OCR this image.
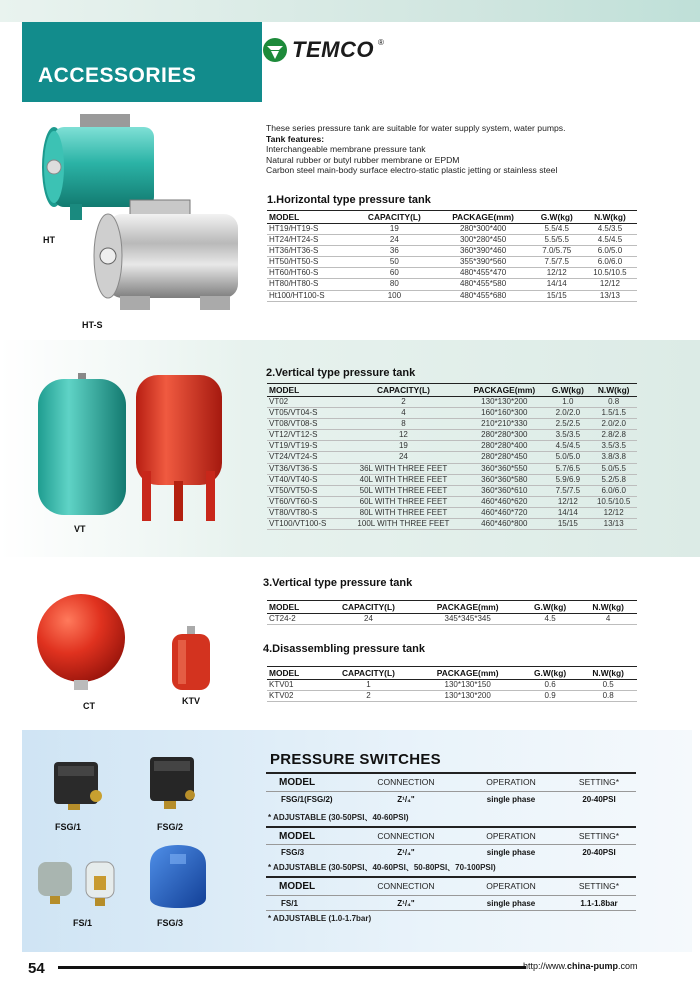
ACCESSORIES
TEMCO ®
These series pressure tank are suitable for water supply system, water pumps.
Tank features:
Interchangeable membrane pressure tank
Natural rubber or butyl rubber membrane or EPDM
Carbon steel main-body surface electro-static plastic jetting or stainless steel
HT
HT-S
1.Horizontal type pressure tank
MODEL	CAPACITY(L)	PACKAGE(mm)	G.W(kg)	N.W(kg)
HT19/HT19-S	19	280*300*400	5.5/4.5	4.5/3.5
HT24/HT24-S	24	300*280*450	5.5/5.5	4.5/4.5
HT36/HT36-S	36	360*390*460	7.0/5.75	6.0/5.0
HT50/HT50-S	50	355*390*560	7.5/7.5	6.0/6.0
HT60/HT60-S	60	480*455*470	12/12	10.5/10.5
HT80/HT80-S	80	480*455*580	14/14	12/12
Ht100/HT100-S	100	480*455*680	15/15	13/13
VT
2.Vertical type pressure tank
MODEL	CAPACITY(L)	PACKAGE(mm)	G.W(kg)	N.W(kg)
VT02	2	130*130*200	1.0	0.8
VT05/VT04-S	4	160*160*300	2.0/2.0	1.5/1.5
VT08/VT08-S	8	210*210*330	2.5/2.5	2.0/2.0
VT12/VT12-S	12	280*280*300	3.5/3.5	2.8/2.8
VT19/VT19-S	19	280*280*400	4.5/4.5	3.5/3.5
VT24/VT24-S	24	280*280*450	5.0/5.0	3.8/3.8
VT36/VT36-S	36L WITH THREE FEET	360*360*550	5.7/6.5	5.0/5.5
VT40/VT40-S	40L WITH THREE FEET	360*360*580	5.9/6.9	5.2/5.8
VT50/VT50-S	50L WITH THREE FEET	360*360*610	7.5/7.5	6.0/6.0
VT60/VT60-S	60L WITH THREE FEET	460*460*620	12/12	10.5/10.5
VT80/VT80-S	80L WITH THREE FEET	460*460*720	14/14	12/12
VT100/VT100-S	100L WITH THREE FEET	460*460*800	15/15	13/13
CT	KTV
3.Vertical type pressure tank
MODEL	CAPACITY(L)	PACKAGE(mm)	G.W(kg)	N.W(kg)
CT24-2	24	345*345*345	4.5	4
4.Disassembling pressure tank
MODEL	CAPACITY(L)	PACKAGE(mm)	G.W(kg)	N.W(kg)
KTV01	1	130*130*150	0.6	0.5
KTV02	2	130*130*200	0.9	0.8
FSG/1	FSG/2
FS/1	FSG/3
PRESSURE SWITCHES
MODEL	CONNECTION	OPERATION	SETTING*
FSG/1(FSG/2)	Z¹/₄"	single phase	20-40PSI
* ADJUSTABLE (30-50PSI、40-60PSI)
MODEL	CONNECTION	OPERATION	SETTING*
FSG/3	Z¹/₄"	single phase	20-40PSI
* ADJUSTABLE (30-50PSI、40-60PSI、50-80PSI、70-100PSI)
MODEL	CONNECTION	OPERATION	SETTING*
FS/1	Z¹/₄"	single phase	1.1-1.8bar
* ADJUSTABLE (1.0-1.7bar)
54	http://www.china-pump.com
